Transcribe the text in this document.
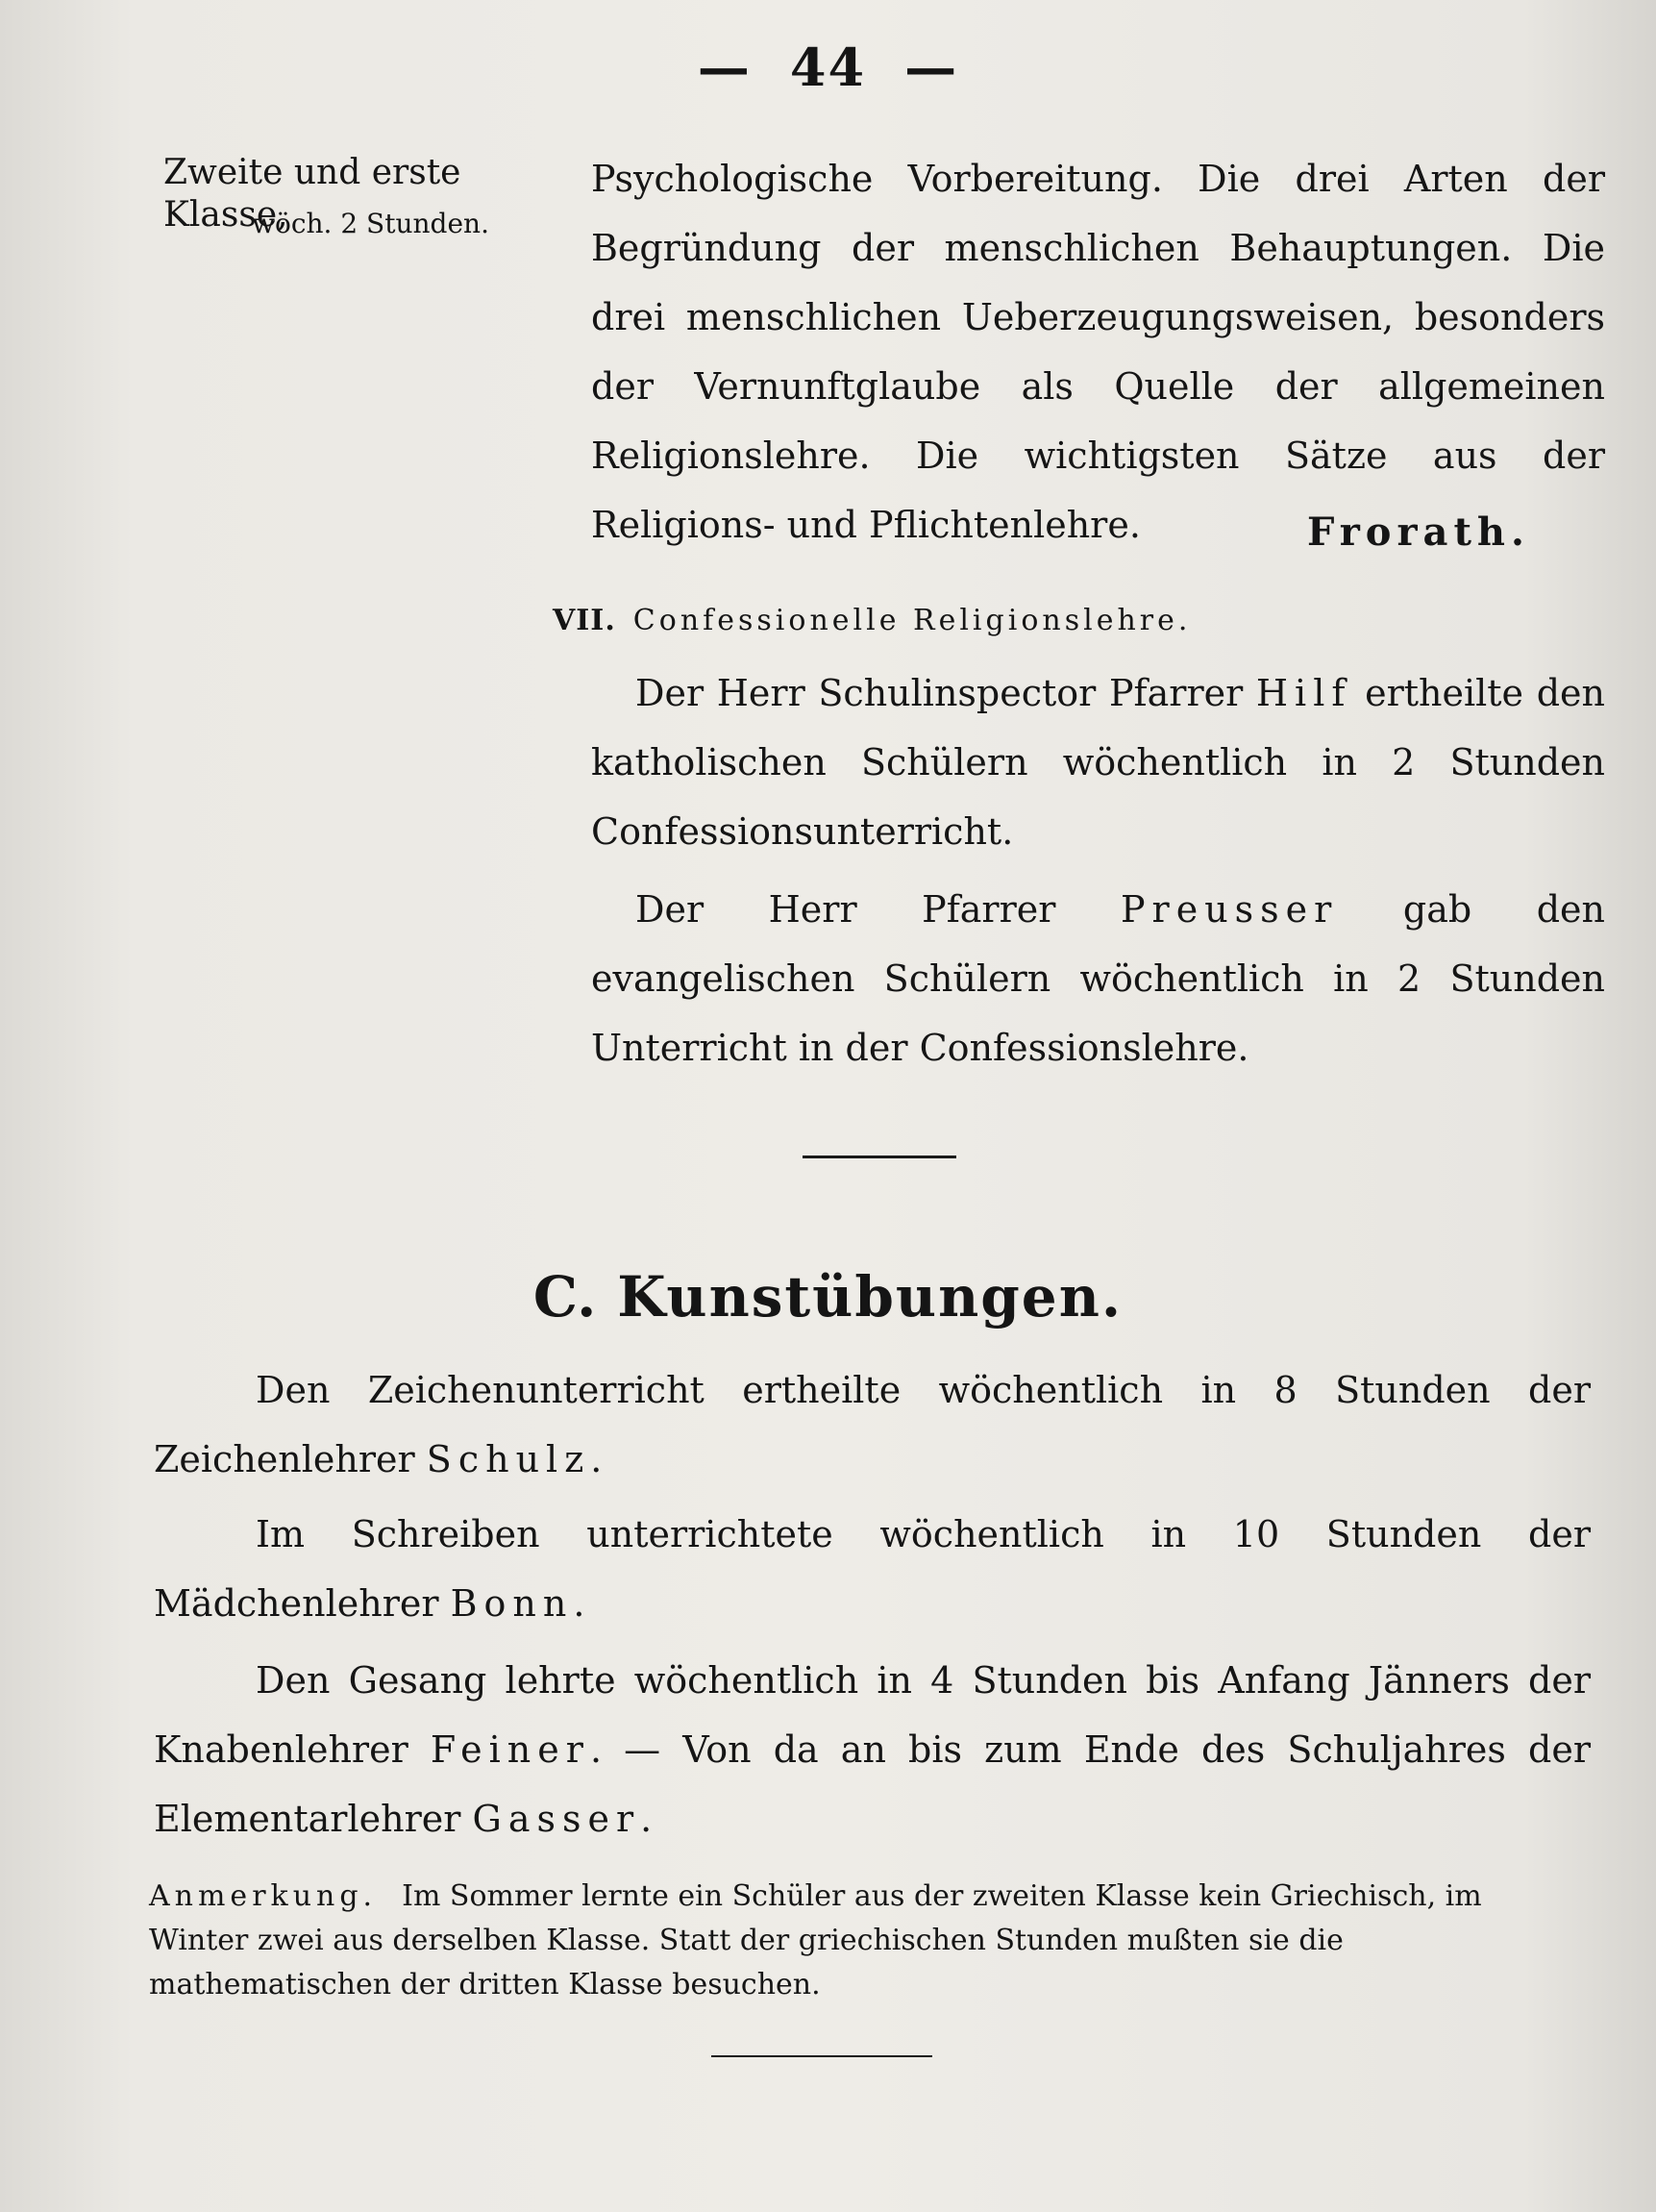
— 44 —
Zweite und erste Klasse,
wöch. 2 Stunden.
Psychologische Vorbereitung. Die drei Arten der Begründung der menschlichen Behauptungen. Die drei menschlichen Ueberzeugungsweisen, besonders der Vernunftglaube als Quelle der allgemeinen Religionslehre. Die wichtigsten Sätze aus der Religions- und Pflichtenlehre.	Frorath.
VII. Confessionelle Religionslehre.
Der Herr Schulinspector Pfarrer Hilf ertheilte den katholischen Schülern wöchentlich in 2 Stunden Confessionsunterricht.
Der Herr Pfarrer Preusser gab den evangelischen Schülern wöchentlich in 2 Stunden Unterricht in der Confessionslehre.
C. Kunstübungen.
Den Zeichenunterricht ertheilte wöchentlich in 8 Stunden der Zeichenlehrer Schulz.
Im Schreiben unterrichtete wöchentlich in 10 Stunden der Mädchenlehrer Bonn.
Den Gesang lehrte wöchentlich in 4 Stunden bis Anfang Jänners der Knabenlehrer Feiner. — Von da an bis zum Ende des Schuljahres der Elementarlehrer Gasser.
Anmerkung. Im Sommer lernte ein Schüler aus der zweiten Klasse kein Griechisch, im Winter zwei aus derselben Klasse. Statt der griechischen Stunden mußten sie die mathematischen der dritten Klasse besuchen.
